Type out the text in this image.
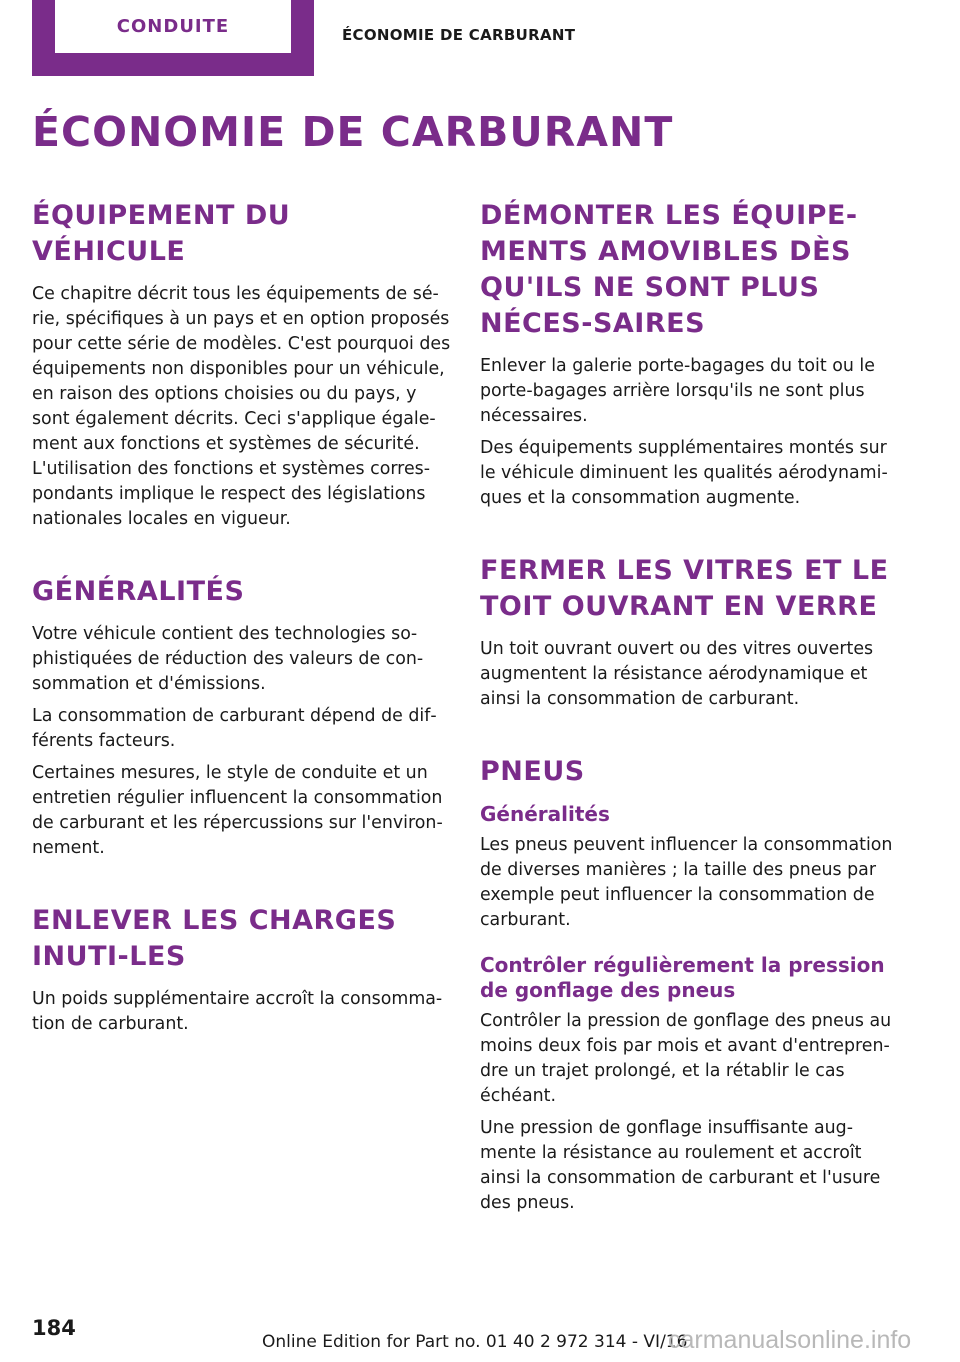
CONDUITE	ÉCONOMIE DE CARBURANT
ÉCONOMIE DE CARBURANT
ÉQUIPEMENT DU VÉHICULE

Ce chapitre décrit tous les équipements de sé‐rie, spécifiques à un pays et en option proposés pour cette série de modèles. C'est pourquoi des équipements non disponibles pour un véhicule, en raison des options choisies ou du pays, y sont également décrits. Ceci s'applique égale‐ment aux fonctions et systèmes de sécurité. L'utilisation des fonctions et systèmes corres‐pondants implique le respect des législations nationales locales en vigueur.

GÉNÉRALITÉS

Votre véhicule contient des technologies so‐phistiquées de réduction des valeurs de con‐sommation et d'émissions.

La consommation de carburant dépend de dif‐férents facteurs.

Certaines mesures, le style de conduite et un entretien régulier influencent la consommation de carburant et les répercussions sur l'environ‐nement.

ENLEVER LES CHARGES INUTI‐LES

Un poids supplémentaire accroît la consomma‐tion de carburant.

DÉMONTER LES ÉQUIPE‐MENTS AMOVIBLES DÈS QU'ILS NE SONT PLUS NÉCES‐SAIRES

Enlever la galerie porte-bagages du toit ou le porte-bagages arrière lorsqu'ils ne sont plus nécessaires.

Des équipements supplémentaires montés sur le véhicule diminuent les qualités aérodynami‐ques et la consommation augmente.

FERMER LES VITRES ET LE TOIT OUVRANT EN VERRE

Un toit ouvrant ouvert ou des vitres ouvertes augmentent la résistance aérodynamique et ainsi la consommation de carburant.

PNEUS
Généralités

Les pneus peuvent influencer la consommation de diverses manières ; la taille des pneus par exemple peut influencer la consommation de carburant.

Contrôler régulièrement la pression de gonflage des pneus

Contrôler la pression de gonflage des pneus au moins deux fois par mois et avant d'entrepren‐dre un trajet prolongé, et la rétablir le cas échéant.

Une pression de gonflage insuffisante aug‐mente la résistance au roulement et accroît ainsi la consommation de carburant et l'usure des pneus.

184
Online Edition for Part no. 01 40 2 972 314 - VI/16
carmanualsonline.info
